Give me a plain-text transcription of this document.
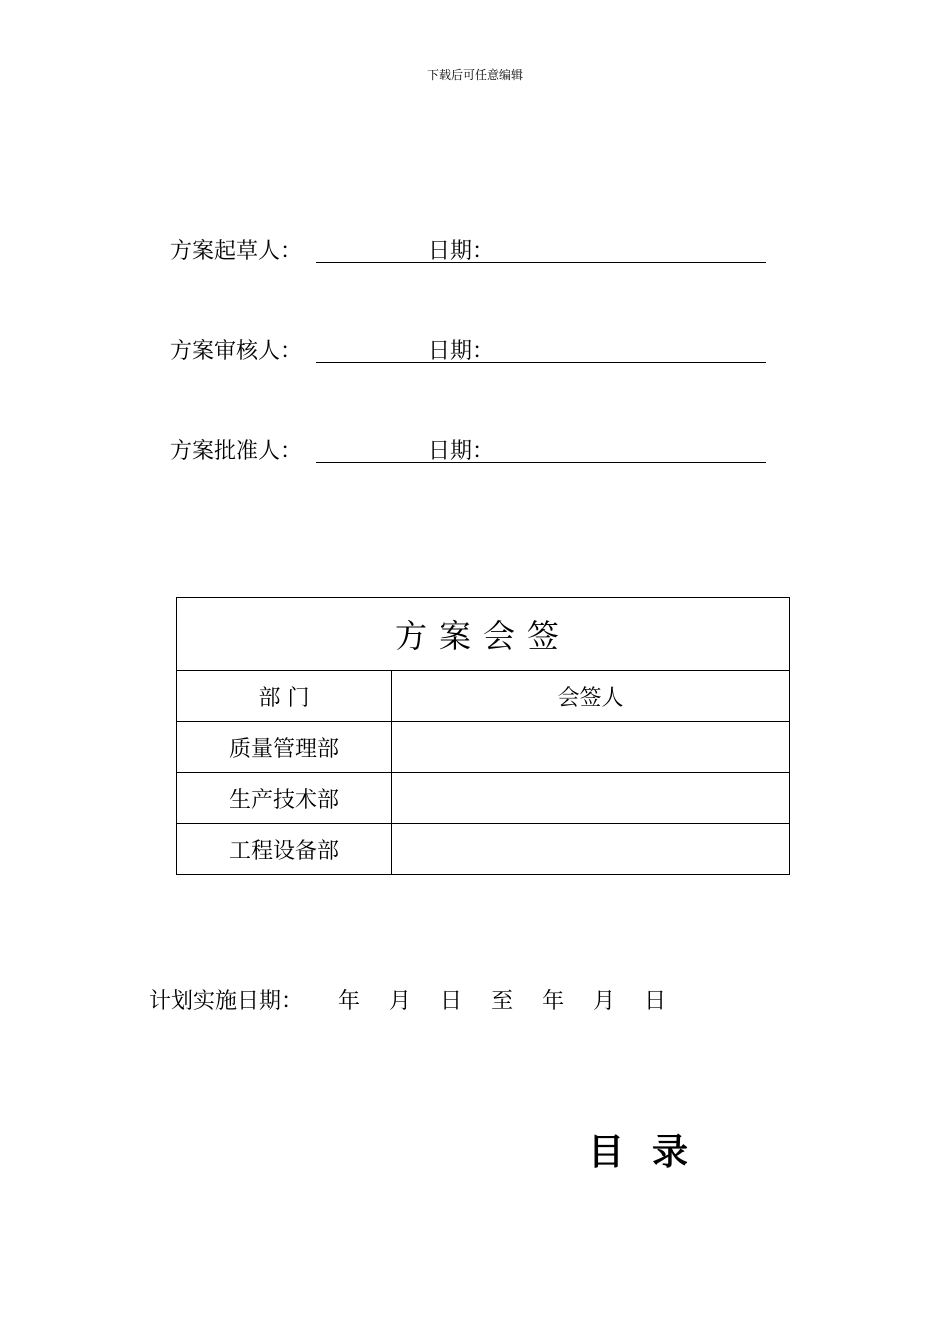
下载后可任意编辑
方案起草人：	日期：
方案审核人：	日期：
方案批准人：	日期：
方案会签	
部 门	会签人
质量管理部	
生产技术部	
工程设备部	
计划实施日期： 年 月 日 至 年 月 日
目录
